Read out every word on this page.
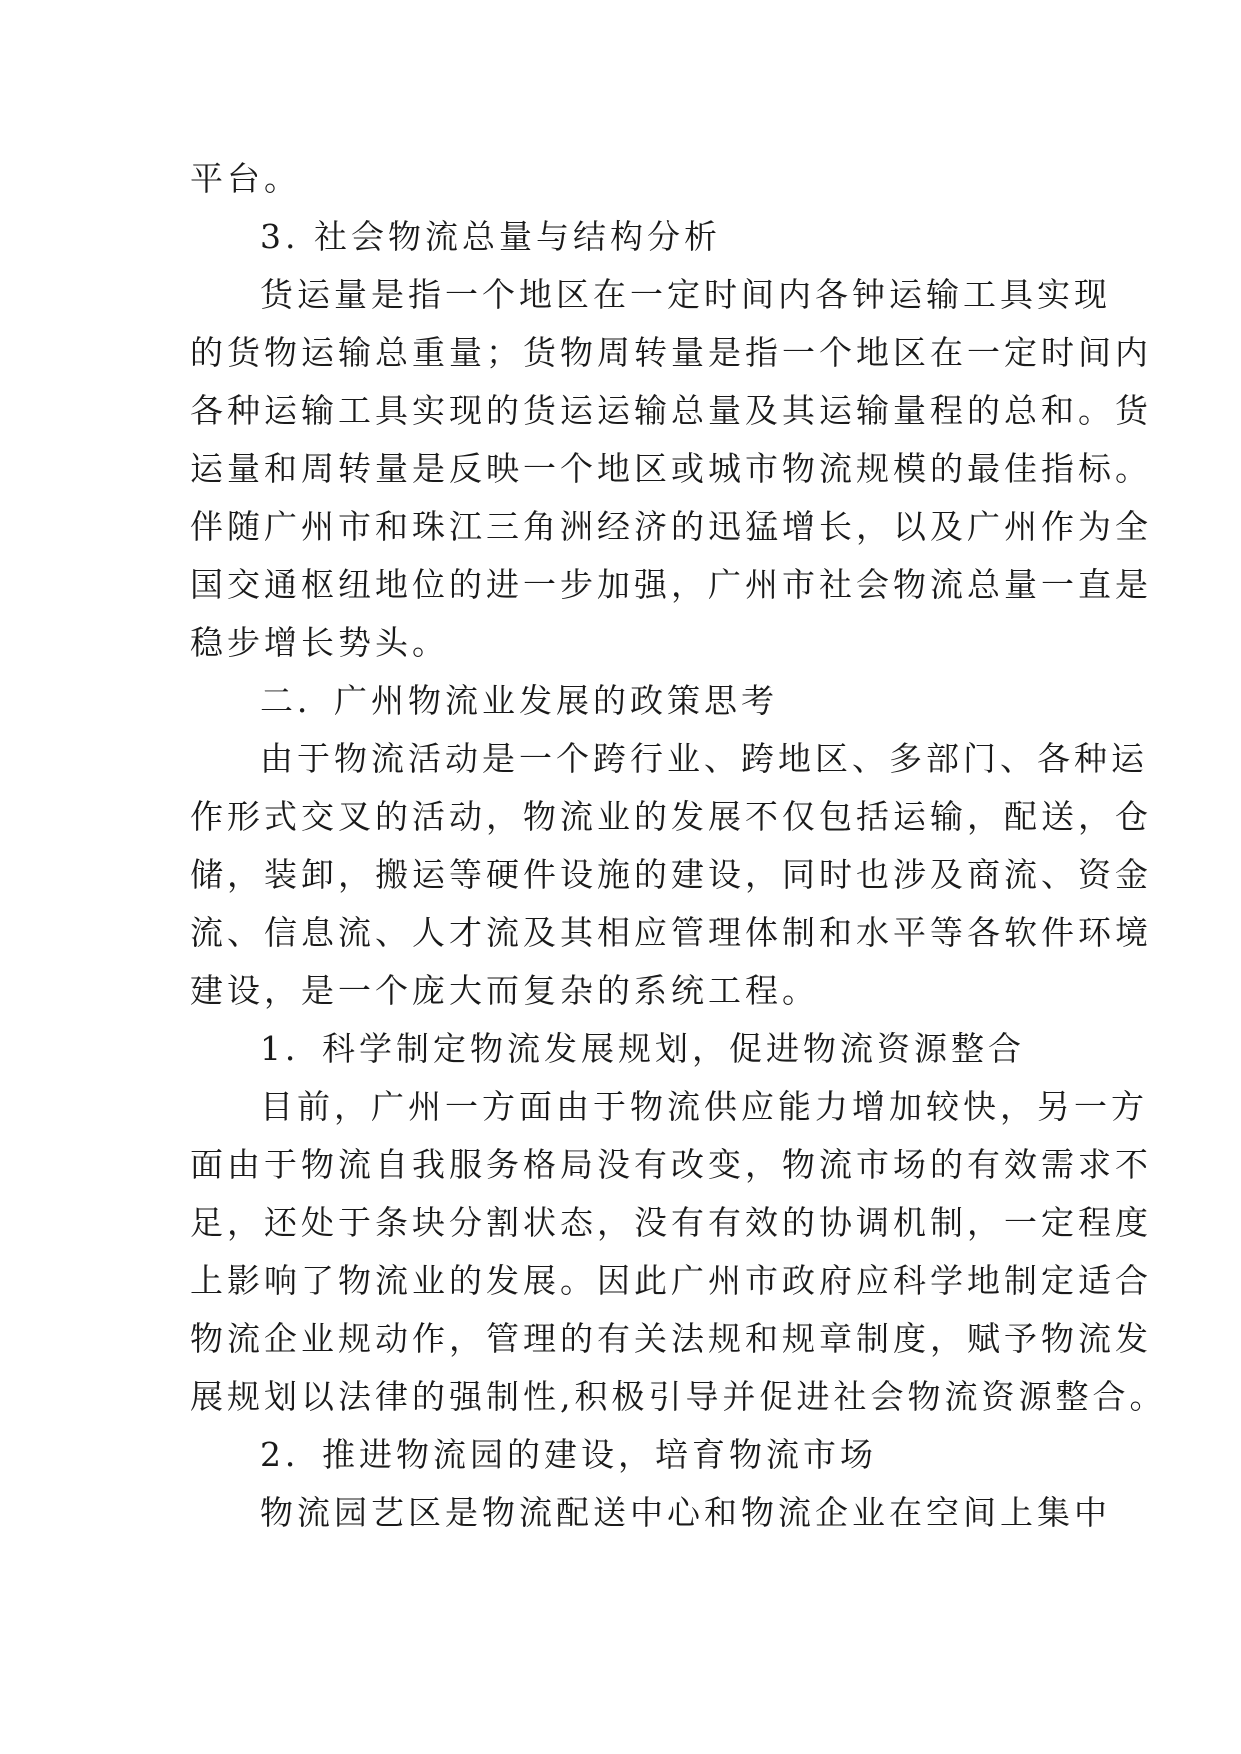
平台。
3. 社会物流总量与结构分析
货运量是指一个地区在一定时间内各钟运输工具实现
的货物运输总重量；货物周转量是指一个地区在一定时间内
各种运输工具实现的货运运输总量及其运输量程的总和。货
运量和周转量是反映一个地区或城市物流规模的最佳指标。
伴随广州市和珠江三角洲经济的迅猛增长，以及广州作为全
国交通枢纽地位的进一步加强，广州市社会物流总量一直是
稳步增长势头。
二．广州物流业发展的政策思考
由于物流活动是一个跨行业、跨地区、多部门、各种运
作形式交叉的活动，物流业的发展不仅包括运输，配送，仓
储，装卸，搬运等硬件设施的建设，同时也涉及商流、资金
流、信息流、人才流及其相应管理体制和水平等各软件环境
建设，是一个庞大而复杂的系统工程。
1．科学制定物流发展规划，促进物流资源整合
目前，广州一方面由于物流供应能力增加较快，另一方
面由于物流自我服务格局没有改变，物流市场的有效需求不
足，还处于条块分割状态，没有有效的协调机制，一定程度
上影响了物流业的发展。因此广州市政府应科学地制定适合
物流企业规动作，管理的有关法规和规章制度，赋予物流发
展规划以法律的强制性,积极引导并促进社会物流资源整合。
2．推进物流园的建设，培育物流市场
物流园艺区是物流配送中心和物流企业在空间上集中
